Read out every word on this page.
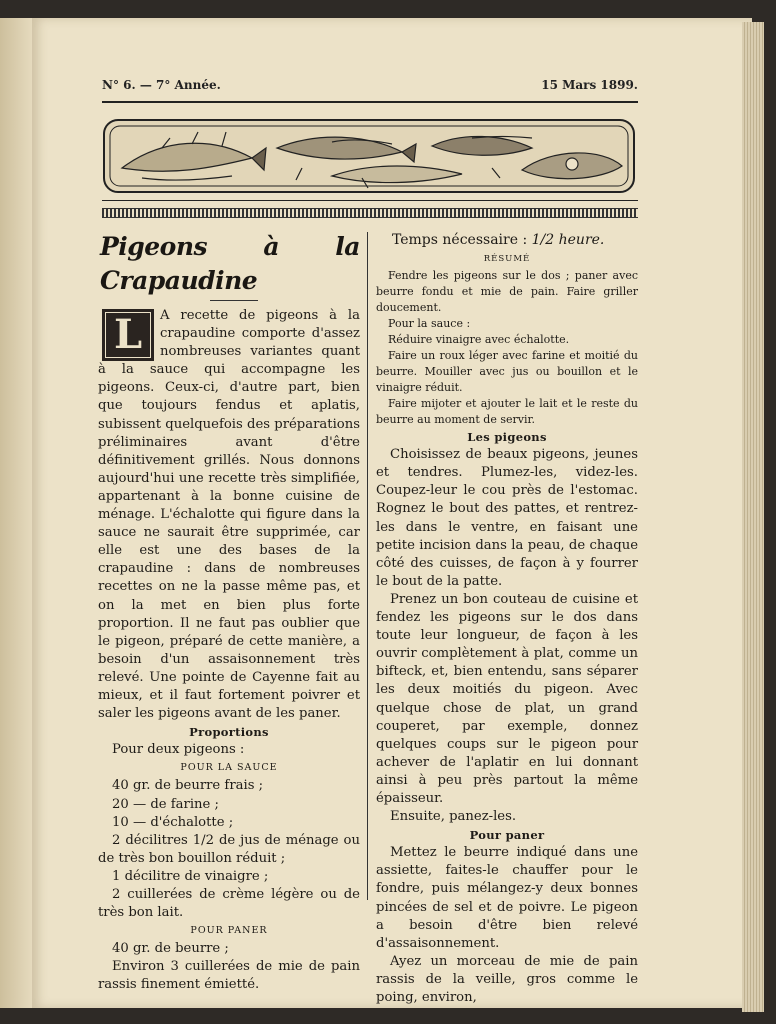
N° 6. — 7° Année.	15 Mars 1899.
Pigeons à la Crapaudine
L	A recette de pigeons à la crapaudine comporte d'assez nombreuses variantes quant à la sauce qui accompagne les pigeons. Ceux-ci, d'autre part, bien que toujours fendus et aplatis, subissent quelquefois des préparations préliminaires avant d'être définitivement grillés. Nous donnons aujourd'hui une recette très simplifiée, appartenant à la bonne cuisine de ménage. L'échalotte qui figure dans la sauce ne saurait être supprimée, car elle est une des bases de la crapaudine : dans de nombreuses recettes on ne la passe même pas, et on la met en bien plus forte proportion. Il ne faut pas oublier que le pigeon, préparé de cette manière, a besoin d'un assaisonnement très relevé. Une pointe de Cayenne fait au mieux, et il faut fortement poivrer et saler les pigeons avant de les paner.

Proportions

Pour deux pigeons :

POUR LA SAUCE

40 gr. de beurre frais ;

20 — de farine ;

10 — d'échalotte ;

2 décilitres 1/2 de jus de ménage ou de très bon bouillon réduit ;

1 décilitre de vinaigre ;

2 cuillerées de crème légère ou de très bon lait.

POUR PANER

40 gr. de beurre ;

Environ 3 cuillerées de mie de pain rassis finement émietté.

Temps nécessaire : 1/2 heure.

RÉSUMÉ

Fendre les pigeons sur le dos ; paner avec beurre fondu et mie de pain. Faire griller doucement.

Pour la sauce :

Réduire vinaigre avec échalotte.

Faire un roux léger avec farine et moitié du beurre. Mouiller avec jus ou bouillon et le vinaigre réduit.

Faire mijoter et ajouter le lait et le reste du beurre au moment de servir.

Les pigeons

Choisissez de beaux pigeons, jeunes et tendres. Plumez-les, videz-les. Coupez-leur le cou près de l'estomac. Rognez le bout des pattes, et rentrez-les dans le ventre, en faisant une petite incision dans la peau, de chaque côté des cuisses, de façon à y fourrer le bout de la patte.

Prenez un bon couteau de cuisine et fendez les pigeons sur le dos dans toute leur longueur, de façon à les ouvrir complètement à plat, comme un bifteck, et, bien entendu, sans séparer les deux moitiés du pigeon. Avec quelque chose de plat, un grand couperet, par exemple, donnez quelques coups sur le pigeon pour achever de l'aplatir en lui donnant ainsi à peu près partout la même épaisseur.

Ensuite, panez-les.

Pour paner

Mettez le beurre indiqué dans une assiette, faites-le chauffer pour le fondre, puis mélangez-y deux bonnes pincées de sel et de poivre. Le pigeon a besoin d'être bien relevé d'assaisonnement.

Ayez un morceau de mie de pain rassis de la veille, gros comme le poing, environ,
